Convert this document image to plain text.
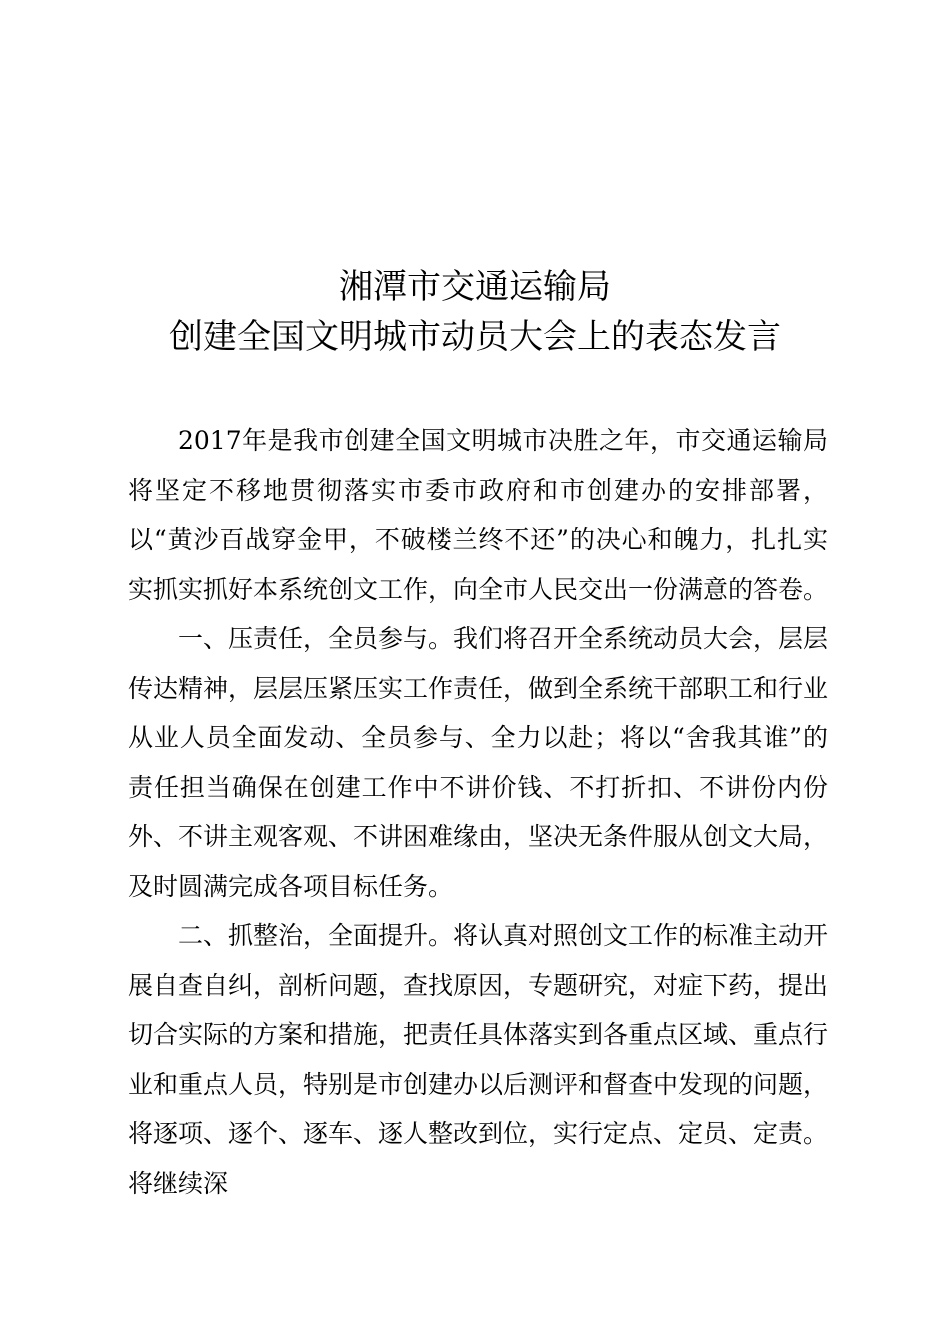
湘潭市交通运输局
创建全国文明城市动员大会上的表态发言

2017年是我市创建全国文明城市决胜之年，市交通运输局将坚定不移地贯彻落实市委市政府和市创建办的安排部署，以“黄沙百战穿金甲，不破楼兰终不还”的决心和魄力，扎扎实实抓实抓好本系统创文工作，向全市人民交出一份满意的答卷。

一、压责任，全员参与。我们将召开全系统动员大会，层层传达精神，层层压紧压实工作责任，做到全系统干部职工和行业从业人员全面发动、全员参与、全力以赴；将以“舍我其谁”的责任担当确保在创建工作中不讲价钱、不打折扣、不讲份内份外、不讲主观客观、不讲困难缘由，坚决无条件服从创文大局，及时圆满完成各项目标任务。

二、抓整治，全面提升。将认真对照创文工作的标准主动开展自查自纠，剖析问题，查找原因，专题研究，对症下药，提出切合实际的方案和措施，把责任具体落实到各重点区域、重点行业和重点人员，特别是市创建办以后测评和督查中发现的问题，将逐项、逐个、逐车、逐人整改到位，实行定点、定员、定责。将继续深
